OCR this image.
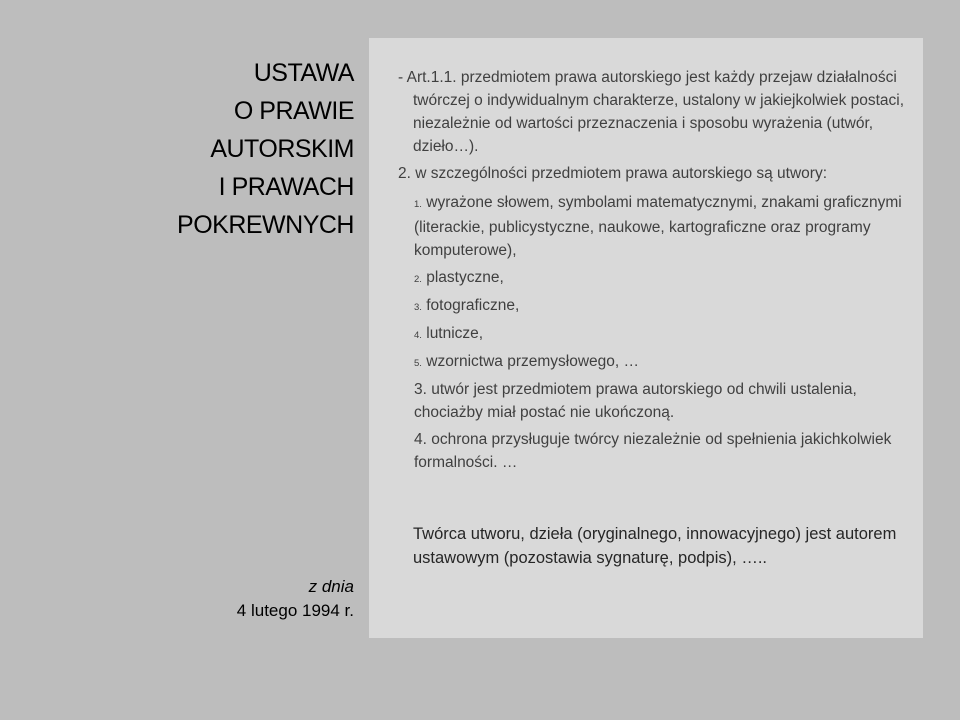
USTAWA
O PRAWIE
AUTORSKIM
I PRAWACH
POKREWNYCH
z dnia
4 lutego 1994 r.

- Art.1.1. przedmiotem prawa autorskiego jest każdy przejaw działalności twórczej o indywidualnym charakterze, ustalony w jakiejkolwiek postaci, niezależnie od wartości przeznaczenia i sposobu wyrażenia (utwór, dzieło…).

2. w szczególności przedmiotem prawa autorskiego są utwory:

1. wyrażone słowem, symbolami matematycznymi, znakami graficznymi (literackie, publicystyczne, naukowe, kartograficzne oraz programy komputerowe),

2. plastyczne,

3. fotograficzne,

4. lutnicze,

5. wzornictwa przemysłowego, …

3. utwór jest przedmiotem prawa autorskiego od chwili ustalenia, chociażby miał postać nie ukończoną.

4. ochrona przysługuje twórcy niezależnie od spełnienia jakichkolwiek formalności. …

Twórca utworu, dzieła (oryginalnego, innowacyjnego) jest autorem ustawowym (pozostawia sygnaturę, podpis), …..
